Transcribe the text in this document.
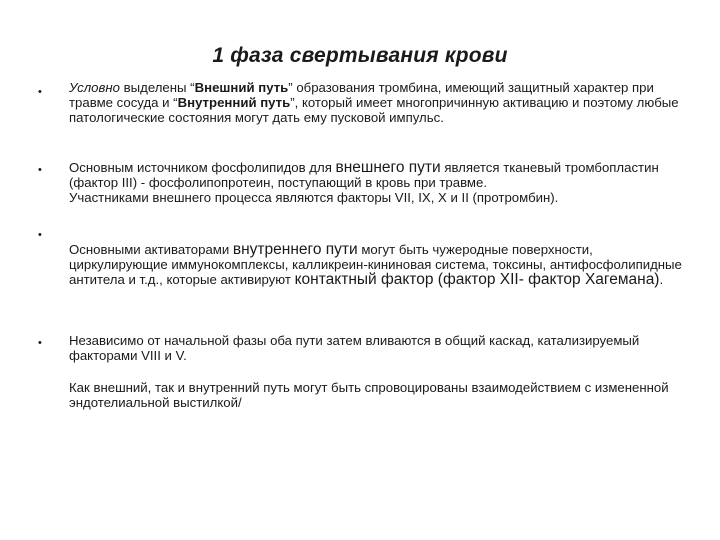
1 фаза свертывания крови
•
•
•
•
Условно выделены “Внешний путь” образования тромбина, имеющий защитный характер при травме сосуда и “Внутренний путь”, который имеет многопричинную активацию и поэтому любые патологические состояния могут дать ему пусковой импульс.
Основным источником фосфолипидов для внешнего пути является тканевый тромбопластин (фактор III) - фосфолипопротеин, поступающий в кровь при травме.
Участниками внешнего процесса являются факторы VII, IX, X и II (протромбин).
Основными активаторами внутреннего пути могут быть чужеродные поверхности, циркулирующие иммунокомплексы, калликреин-кининовая система, токсины, антифосфолипидные антитела и т.д., которые активируют контактный фактор (фактор XII- фактор Хагемана).
Независимо от начальной фазы оба пути затем вливаются в общий каскад, катализируемый факторами VIII и V.
Как внешний, так и внутренний путь могут быть спровоцированы взаимодействием с измененной эндотелиальной выстилкой/
